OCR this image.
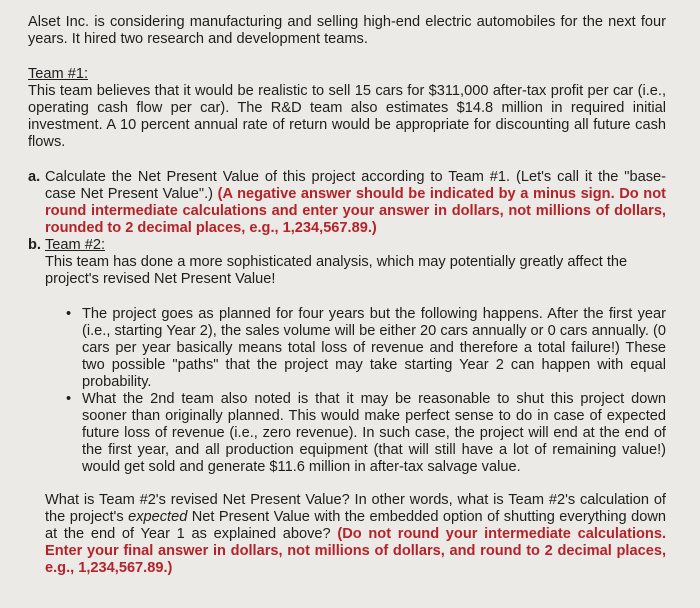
Alset Inc. is considering manufacturing and selling high-end electric automobiles for the next four years. It hired two research and development teams.

Team #1:

This team believes that it would be realistic to sell 15 cars for $311,000 after-tax profit per car (i.e., operating cash flow per car). The R&D team also estimates $14.8 million in required initial investment. A 10 percent annual rate of return would be appropriate for discounting all future cash flows.

a. Calculate the Net Present Value of this project according to Team #1. (Let's call it the "base-case Net Present Value".) (A negative answer should be indicated by a minus sign. Do not round intermediate calculations and enter your answer in dollars, not millions of dollars, rounded to 2 decimal places, e.g., 1,234,567.89.)
b. Team #2:

This team has done a more sophisticated analysis, which may potentially greatly affect the project's revised Net Present Value!

• The project goes as planned for four years but the following happens. After the first year (i.e., starting Year 2), the sales volume will be either 20 cars annually or 0 cars annually. (0 cars per year basically means total loss of revenue and therefore a total failure!) These two possible "paths" that the project may take starting Year 2 can happen with equal probability.
• What the 2nd team also noted is that it may be reasonable to shut this project down sooner than originally planned. This would make perfect sense to do in case of expected future loss of revenue (i.e., zero revenue). In such case, the project will end at the end of the first year, and all production equipment (that will still have a lot of remaining value!) would get sold and generate $11.6 million in after-tax salvage value.

What is Team #2's revised Net Present Value? In other words, what is Team #2's calculation of the project's expected Net Present Value with the embedded option of shutting everything down at the end of Year 1 as explained above? (Do not round your intermediate calculations. Enter your final answer in dollars, not millions of dollars, and round to 2 decimal places, e.g., 1,234,567.89.)
